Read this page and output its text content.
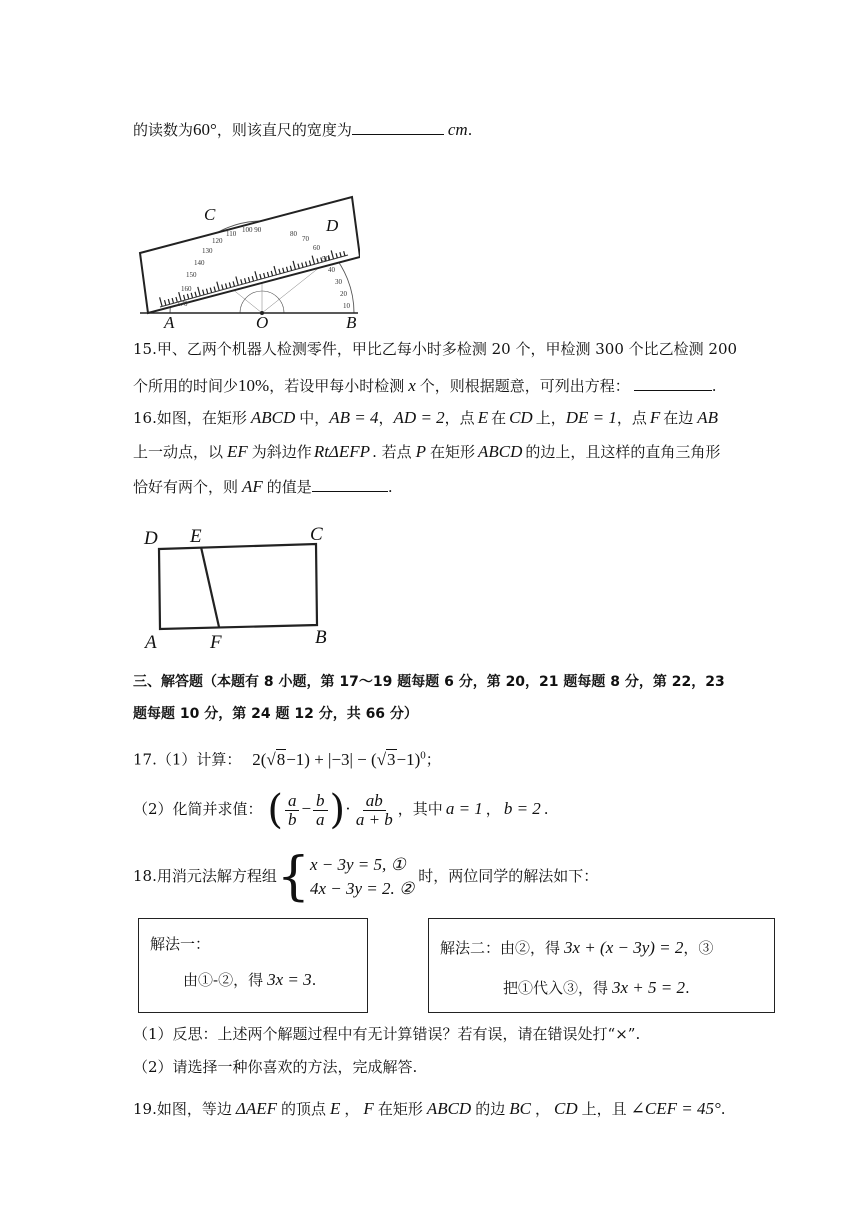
的读数为60°，则该直尺的宽度为	cm.
170
160
150
140
130
120
110 100 90	80
70
60
50
40
30
20
10
C
D
A	O	B
15.甲、乙两个机器人检测零件，甲比乙每小时多检测 20 个，甲检测 300 个比乙检测 200
个所用的时间少10%，若设甲每小时检测 x 个，则根据题意，可列出方程：	.
16.如图，在矩形 ABCD 中，AB = 4，AD = 2，点 E 在 CD 上，DE = 1，点 F 在边 AB
上一动点，以 EF 为斜边作 RtΔEFP . 若点 P 在矩形 ABCD 的边上，且这样的直角三角形
恰好有两个，则 AF 的值是	.
D E	C
A	F	B
三、解答题（本题有 8 小题，第 17～19 题每题 6 分，第 20，21 题每题 8 分，第 22，23
题每题 10 分，第 24 题 12 分，共 66 分）
17.（1）计算： $2(√8-1) + |-3| - (√3-1)^0$；
（2）化简并求值： ( $\frac{a}{b} - \frac{b}{a}$ )· $\frac{ab}{a + b}$ ，其中 a = 1 ， b = 2 .
18.用消元法解方程组{ x − 3y = 5, ①
4x − 3y = 2. ②
时，两位同学的解法如下：
解法一：
由①-②，得 3x = 3.
解法二：由②，得 3x + (x − 3y) = 2，③
把①代入③，得 3x + 5 = 2.
（1）反思：上述两个解题过程中有无计算错误？若有误，请在错误处打“×”.
（2）请选择一种你喜欢的方法，完成解答.
19.如图，等边 ΔAEF 的顶点 E ， F 在矩形 ABCD 的边 BC ， CD 上，且 ∠CEF = 45°.
